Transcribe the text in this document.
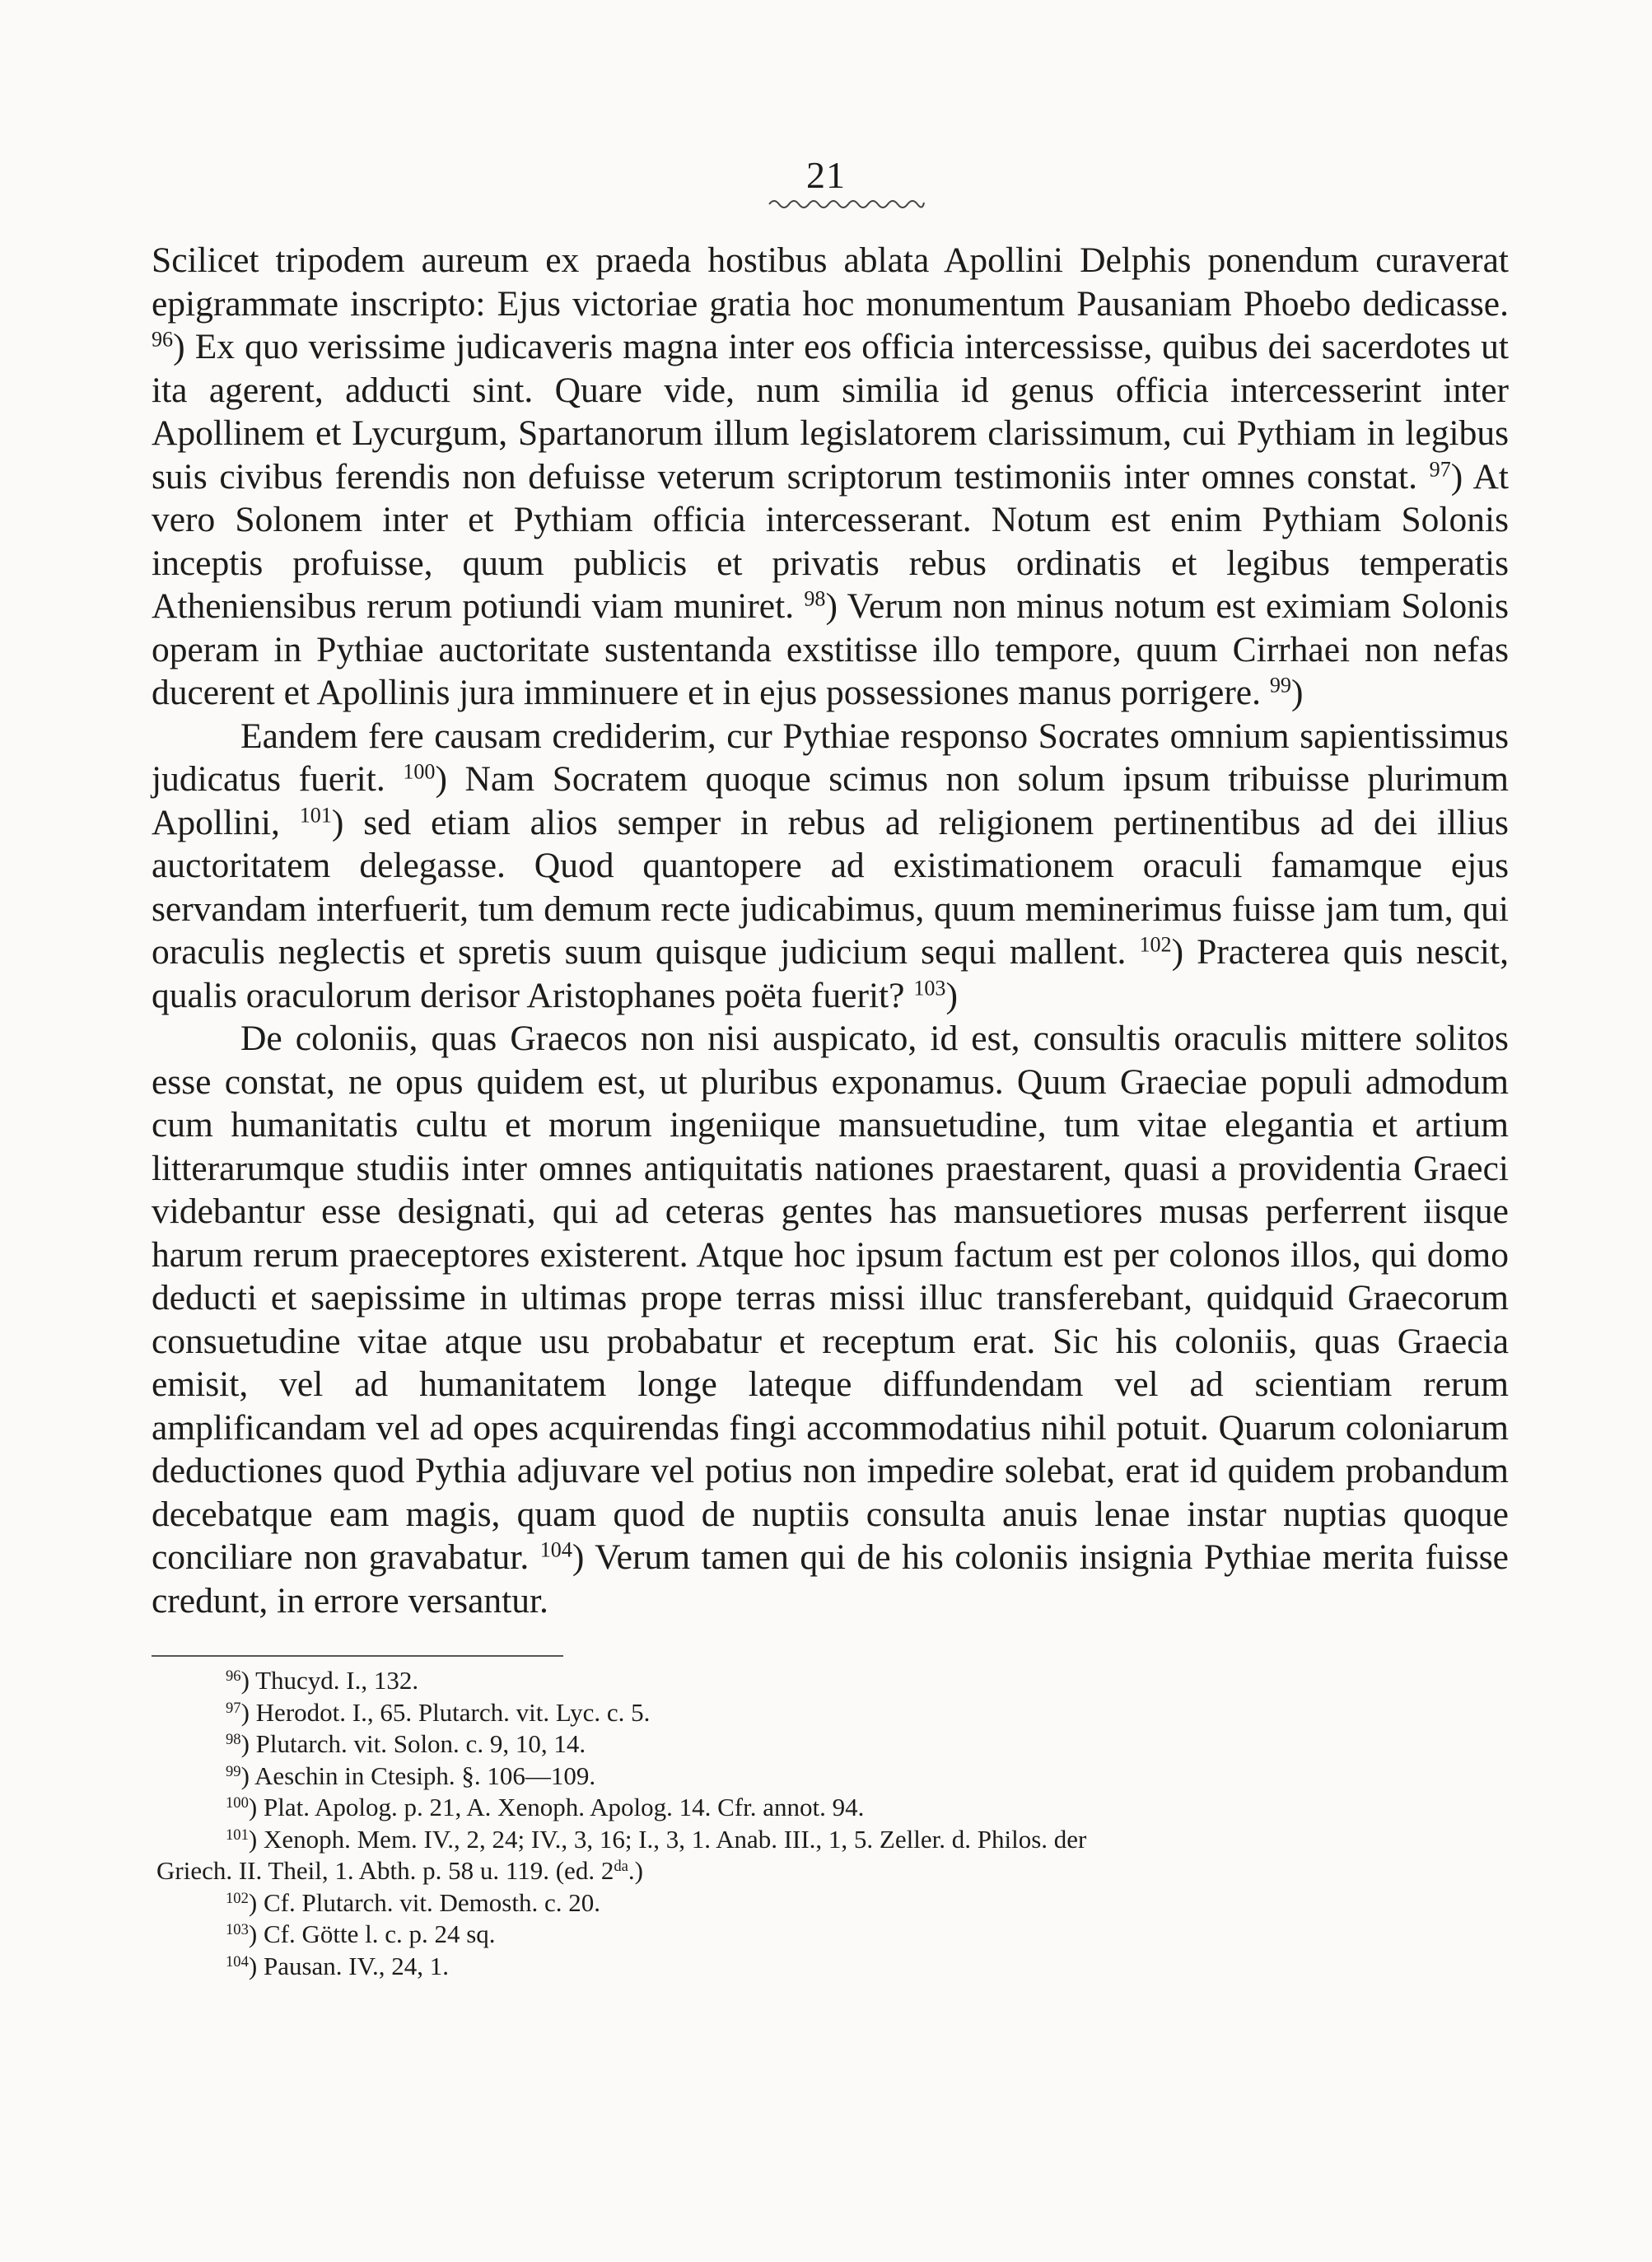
21

Scilicet tripodem aureum ex praeda hostibus ablata Apollini Delphis ponendum curaverat epigrammate inscripto: Ejus victoriae gratia hoc monumentum Pausaniam Phoebo dedicasse. $^{96}$) Ex quo verissime judicaveris magna inter eos officia intercessisse, quibus dei sacerdotes ut ita agerent, adducti sint. Quare vide, num similia id genus officia intercesserint inter Apollinem et Lycurgum, Spartanorum illum legislatorem clarissimum, cui Pythiam in legibus suis civibus ferendis non defuisse veterum scriptorum testimoniis inter omnes constat. $^{97}$) At vero Solonem inter et Pythiam officia intercesserant. Notum est enim Pythiam Solonis inceptis profuisse, quum publicis et privatis rebus ordinatis et legibus temperatis Atheniensibus rerum potiundi viam muniret. $^{98}$) Verum non minus notum est eximiam Solonis operam in Pythiae auctoritate sustentanda exstitisse illo tempore, quum Cirrhaei non nefas ducerent et Apollinis jura imminuere et in ejus possessiones manus porrigere. $^{99}$)

Eandem fere causam crediderim, cur Pythiae responso Socrates omnium sapientissimus judicatus fuerit. $^{100}$) Nam Socratem quoque scimus non solum ipsum tribuisse plurimum Apollini, $^{101}$) sed etiam alios semper in rebus ad religionem pertinentibus ad dei illius auctoritatem delegasse. Quod quantopere ad existimationem oraculi famamque ejus servandam interfuerit, tum demum recte judicabimus, quum meminerimus fuisse jam tum, qui oraculis neglectis et spretis suum quisque judicium sequi mallent. $^{102}$) Practerea quis nescit, qualis oraculorum derisor Aristophanes poëta fuerit? $^{103}$)

De coloniis, quas Graecos non nisi auspicato, id est, consultis oraculis mittere solitos esse constat, ne opus quidem est, ut pluribus exponamus. Quum Graeciae populi admodum cum humanitatis cultu et morum ingeniique mansuetudine, tum vitae elegantia et artium litterarumque studiis inter omnes antiquitatis nationes praestarent, quasi a providentia Graeci videbantur esse designati, qui ad ceteras gentes has mansuetiores musas perferrent iisque harum rerum praeceptores existerent. Atque hoc ipsum factum est per colonos illos, qui domo deducti et saepissime in ultimas prope terras missi illuc transferebant, quidquid Graecorum consuetudine vitae atque usu probabatur et receptum erat. Sic his coloniis, quas Graecia emisit, vel ad humanitatem longe lateque diffundendam vel ad scientiam rerum amplificandam vel ad opes acquirendas fingi accommodatius nihil potuit. Quarum coloniarum deductiones quod Pythia adjuvare vel potius non impedire solebat, erat id quidem probandum decebatque eam magis, quam quod de nuptiis consulta anuis lenae instar nuptias quoque conciliare non gravabatur. $^{104}$) Verum tamen qui de his coloniis insignia Pythiae merita fuisse credunt, in errore versantur.

$^{96}$) Thucyd. I., 132.
$^{97}$) Herodot. I., 65. Plutarch. vit. Lyc. c. 5.
$^{98}$) Plutarch. vit. Solon. c. 9, 10, 14.
$^{99}$) Aeschin in Ctesiph. §. 106—109.
$^{100}$) Plat. Apolog. p. 21, A. Xenoph. Apolog. 14. Cfr. annot. 94.
$^{101}$) Xenoph. Mem. IV., 2, 24; IV., 3, 16; I., 3, 1. Anab. III., 1, 5. Zeller. d. Philos. der
Griech. II. Theil, 1. Abth. p. 58 u. 119. (ed. $2^{da}$.)
$^{102}$) Cf. Plutarch. vit. Demosth. c. 20.
$^{103}$) Cf. Götte l. c. p. 24 sq.
$^{104}$) Pausan. IV., 24, 1.
